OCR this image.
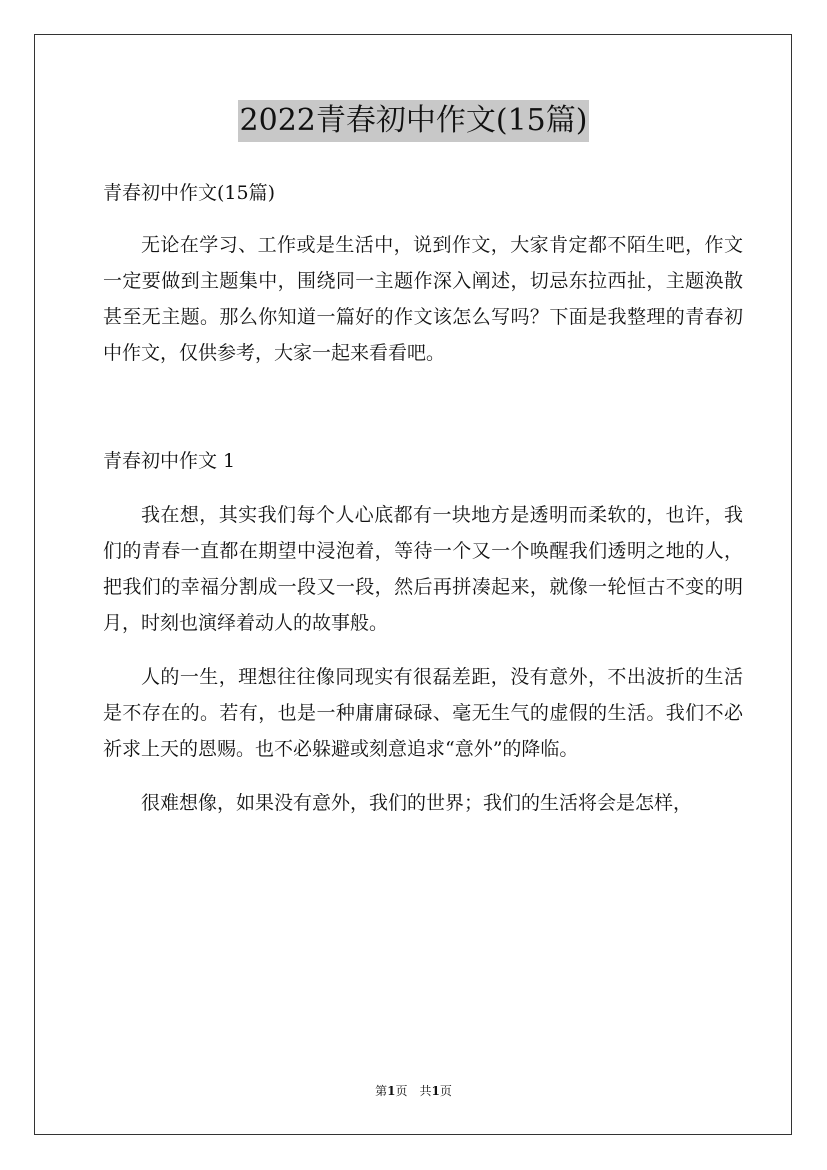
2022青春初中作文(15篇)
青春初中作文(15篇)

无论在学习、工作或是生活中，说到作文，大家肯定都不陌生吧，作文一定要做到主题集中，围绕同一主题作深入阐述，切忌东拉西扯，主题涣散甚至无主题。那么你知道一篇好的作文该怎么写吗？下面是我整理的青春初中作文，仅供参考，大家一起来看看吧。

青春初中作文 1

我在想，其实我们每个人心底都有一块地方是透明而柔软的，也许，我们的青春一直都在期望中浸泡着，等待一个又一个唤醒我们透明之地的人，把我们的幸福分割成一段又一段，然后再拼凑起来，就像一轮恒古不变的明月，时刻也演绎着动人的故事般。

人的一生，理想往往像同现实有很磊差距，没有意外，不出波折的生活是不存在的。若有，也是一种庸庸碌碌、毫无生气的虚假的生活。我们不必祈求上天的恩赐。也不必躲避或刻意追求“意外”的降临。

很难想像，如果没有意外，我们的世界；我们的生活将会是怎样，

第1页　共1页
